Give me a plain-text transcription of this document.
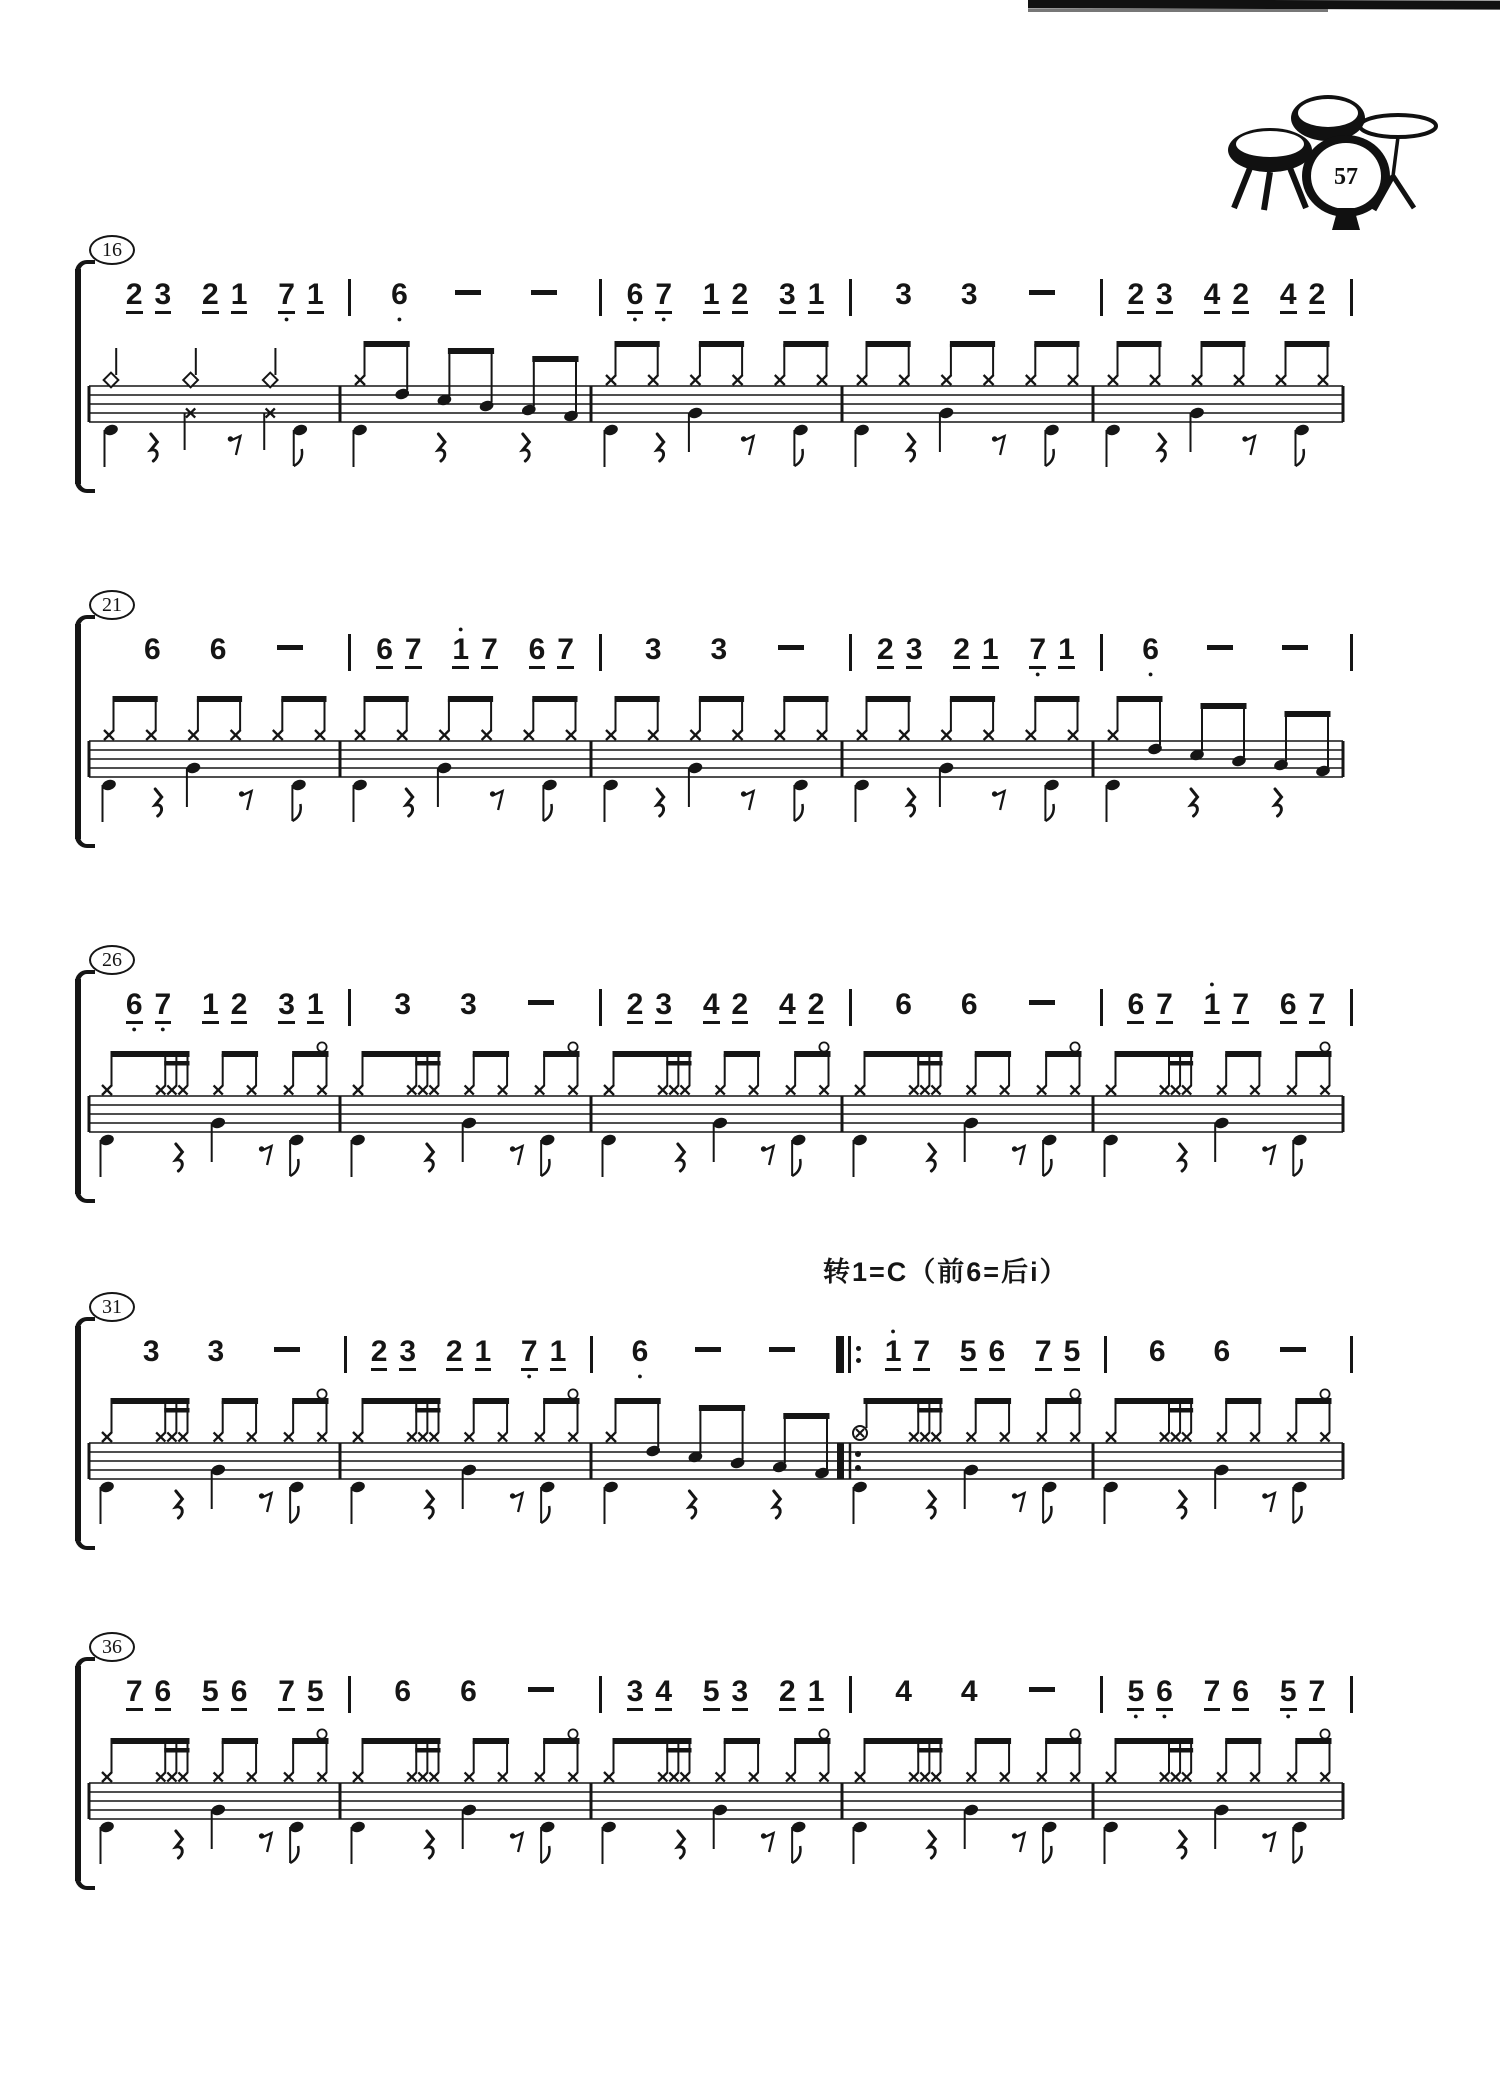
57
16
2 3 2 1 7
●
1 6
●
6
●
7
●
1 2 3 1 3 3	2 3 4 2 4 2
21
6 6	6 7
●
1 7 6 7 3 3	2 3 2 1 7
●
1 6
●
26
6
●
7
●
1 2 3 1 3 3	2 3 4 2 4 2 6 6	6 7
●
1 7 6 7
转1=C（前6=后i）
31
3 3	2 3 2 1 7
●
1 6
●
●
1 7 5 6 7 5 6 6
36
7 6 5 6 7 5 6 6	3 4 5 3 2 1 4 4	5
●
6
●
7 6 5
●
7
